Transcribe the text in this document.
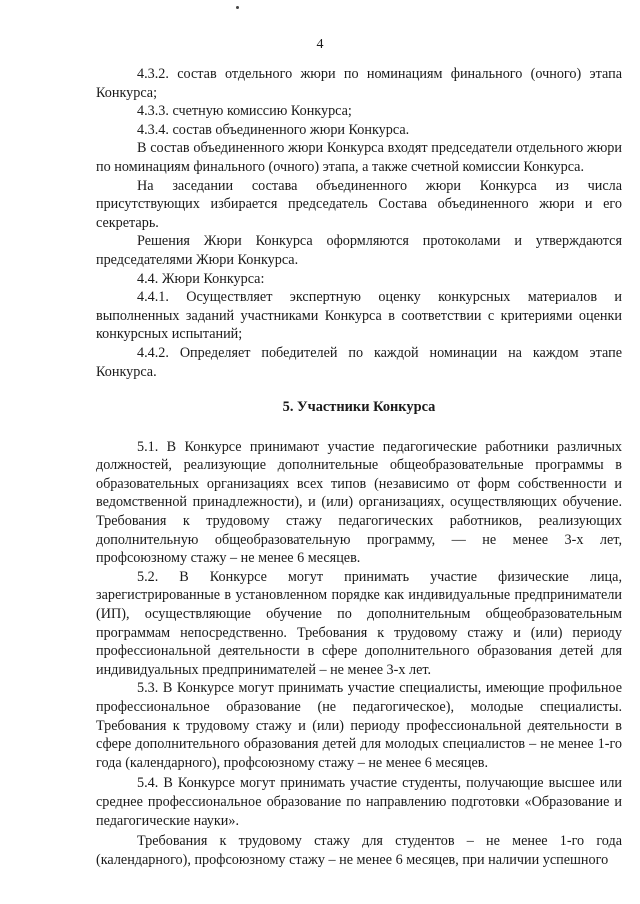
4

4.3.2. состав отдельного жюри по номинациям финального (очного) этапа Конкурса;

4.3.3. счетную комиссию Конкурса;

4.3.4. состав объединенного жюри Конкурса.

В состав объединенного жюри Конкурса входят председатели отдельного жюри по номинациям финального (очного) этапа, а также счетной комиссии Конкурса.

На заседании состава объединенного жюри Конкурса из числа присутствующих избирается председатель Состава объединенного жюри и его секретарь.

Решения Жюри Конкурса оформляются протоколами и утверждаются председателями Жюри Конкурса.

4.4. Жюри Конкурса:

4.4.1. Осуществляет экспертную оценку конкурсных материалов и выполненных заданий участниками Конкурса в соответствии с критериями оценки конкурсных испытаний;

4.4.2. Определяет победителей по каждой номинации на каждом этапе Конкурса.

5. Участники Конкурса

5.1. В Конкурсе принимают участие педагогические работники различных должностей, реализующие дополнительные общеобразовательные программы в образовательных организациях всех типов (независимо от форм собственности и ведомственной принадлежности), и (или) организациях, осуществляющих обучение. Требования к трудовому стажу педагогических работников, реализующих дополнительную общеобразовательную программу, — не менее 3-х лет, профсоюзному стажу – не менее 6 месяцев.

5.2. В Конкурсе могут принимать участие физические лица, зарегистрированные в установленном порядке как индивидуальные предприниматели (ИП), осуществляющие обучение по дополнительным общеобразовательным программам непосредственно. Требования к трудовому стажу и (или) периоду профессиональной деятельности в сфере дополнительного образования детей для индивидуальных предпринимателей – не менее 3-х лет.

5.3. В Конкурсе могут принимать участие специалисты, имеющие профильное профессиональное образование (не педагогическое), молодые специалисты. Требования к трудовому стажу и (или) периоду профессиональной деятельности в сфере дополнительного образования детей для молодых специалистов – не менее 1-го года (календарного), профсоюзному стажу – не менее 6 месяцев.

5.4. В Конкурсе могут принимать участие студенты, получающие высшее или среднее профессиональное образование по направлению подготовки «Образование и педагогические науки».

Требования к трудовому стажу для студентов – не менее 1-го года (календарного), профсоюзному стажу – не менее 6 месяцев, при наличии успешного
